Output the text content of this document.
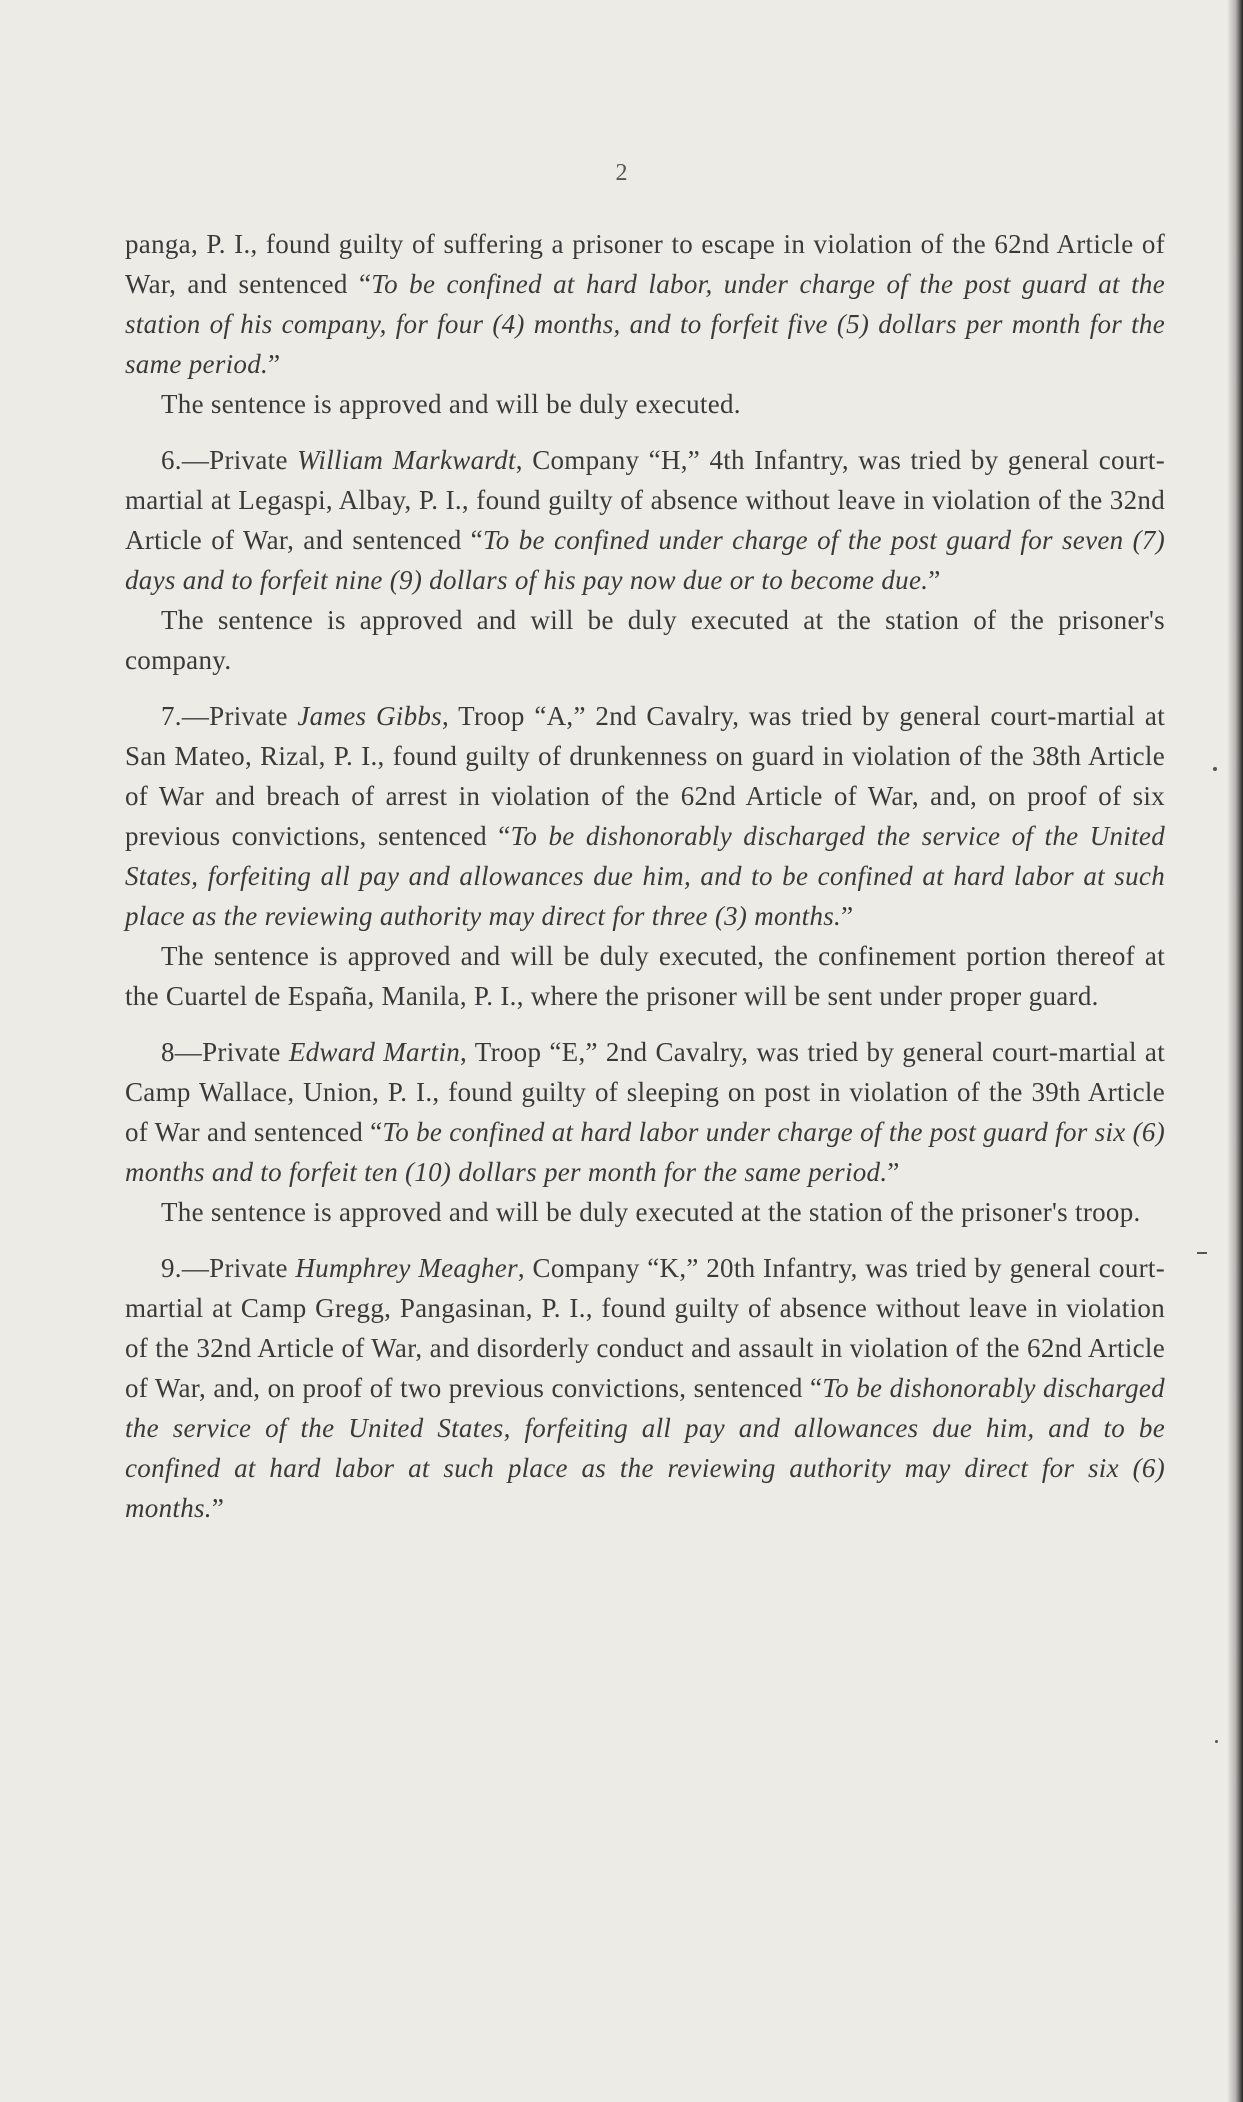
2

panga, P. I., found guilty of suffering a prisoner to escape in violation of the 62nd Article of War, and sentenced “To be confined at hard labor, under charge of the post guard at the station of his company, for four (4) months, and to forfeit five (5) dollars per month for the same period.”

The sentence is approved and will be duly executed.

6.—Private William Markwardt, Company “H,” 4th Infantry, was tried by general court-martial at Legaspi, Albay, P. I., found guilty of absence without leave in violation of the 32nd Article of War, and sentenced “To be confined under charge of the post guard for seven (7) days and to forfeit nine (9) dollars of his pay now due or to become due.”

The sentence is approved and will be duly executed at the station of the prisoner's company.

7.—Private James Gibbs, Troop “A,” 2nd Cavalry, was tried by general court-martial at San Mateo, Rizal, P. I., found guilty of drunkenness on guard in violation of the 38th Article of War and breach of arrest in violation of the 62nd Article of War, and, on proof of six previous convictions, sentenced “To be dishonorably discharged the service of the United States, forfeiting all pay and allowances due him, and to be confined at hard labor at such place as the reviewing authority may direct for three (3) months.”

The sentence is approved and will be duly executed, the confinement portion thereof at the Cuartel de España, Manila, P. I., where the prisoner will be sent under proper guard.

8—Private Edward Martin, Troop “E,” 2nd Cavalry, was tried by general court-martial at Camp Wallace, Union, P. I., found guilty of sleeping on post in violation of the 39th Article of War and sentenced “To be confined at hard labor under charge of the post guard for six (6) months and to forfeit ten (10) dollars per month for the same period.”

The sentence is approved and will be duly executed at the station of the prisoner's troop.

9.—Private Humphrey Meagher, Company “K,” 20th Infantry, was tried by general court-martial at Camp Gregg, Pangasinan, P. I., found guilty of absence without leave in violation of the 32nd Article of War, and disorderly conduct and assault in violation of the 62nd Article of War, and, on proof of two previous convictions, sentenced “To be dishonorably discharged the service of the United States, forfeiting all pay and allowances due him, and to be confined at hard labor at such place as the reviewing authority may direct for six (6) months.”
